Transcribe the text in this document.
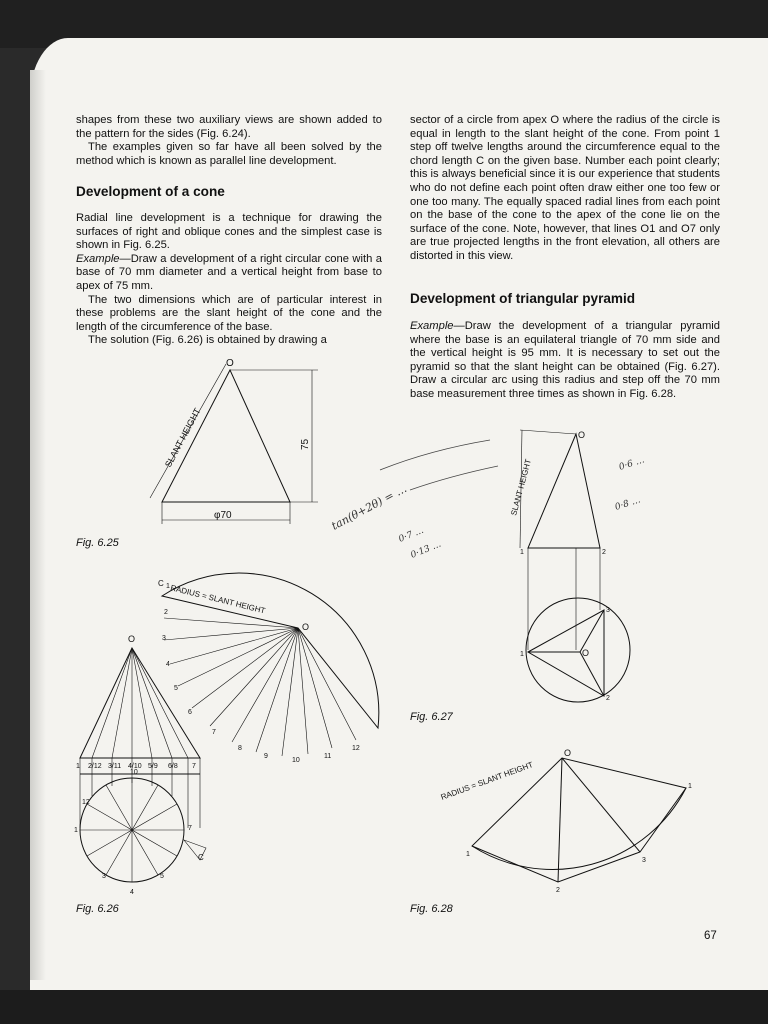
shapes from these two auxiliary views are shown added to the pattern for the sides (Fig. 6.24).

The examples given so far have all been solved by the method which is known as parallel line development.

Development of a cone

Radial line development is a technique for drawing the surfaces of right and oblique cones and the simplest case is shown in Fig. 6.25.

Example—Draw a development of a right circular cone with a base of 70 mm diameter and a vertical height from base to apex of 75 mm.

The two dimensions which are of particular interest in these problems are the slant height of the cone and the length of the circumference of the base.

The solution (Fig. 6.26) is obtained by drawing a

sector of a circle from apex O where the radius of the circle is equal in length to the slant height of the cone. From point 1 step off twelve lengths around the circumference equal to the chord length C on the given base. Number each point clearly; this is always beneficial since it is our experience that students who do not define each point often draw either one too few or one too many. The equally spaced radial lines from each point on the base of the cone to the apex of the cone lie on the surface of the cone. Note, however, that lines O1 and O7 only are true projected lengths in the front elevation, all others are distorted in this view.

Development of triangular pyramid

Example—Draw the development of a triangular pyramid where the base is an equilateral triangle of 70 mm side and the vertical height is 95 mm. It is necessary to set out the pyramid so that the slant height can be obtained (Fig. 6.27). Draw a circular arc using this radius and step off the 70 mm base measurement three times as shown in Fig. 6.28.

O
SLANT HEIGHT	75
φ70
Fig. 6.25
C
O
1
3
4
5
7
10
12
1 2/12 3/11 4/10 5/9 6/8 7
O
RADIUS = SLANT HEIGHT
C 1
2
3
4
5
6
7
8
9
10
11
12
Fig. 6.26
tan(θ+2θ) = …
0·7 …
0·13 …
0·6 …
0·8 …
O
SLANT HEIGHT
O
1	2
3
1
2
Fig. 6.27
O
RADIUS = SLANT HEIGHT
1
2
3
1
Fig. 6.28
67
